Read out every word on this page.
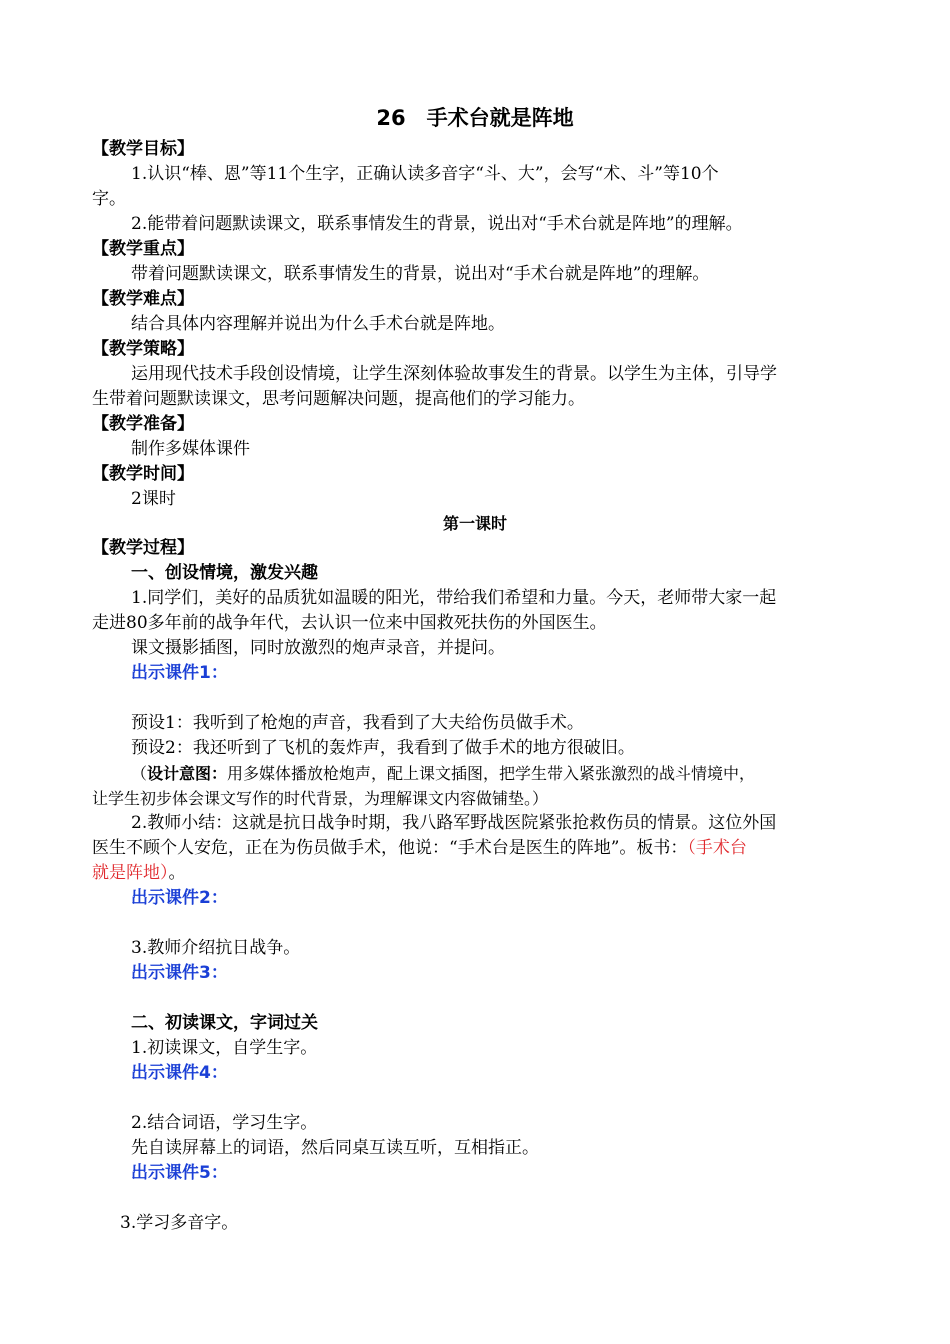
26　手术台就是阵地
【教学目标】
1.认识“棒、恩”等11个生字，正确认读多音字“斗、大”，会写“术、斗”等10个
字。
2.能带着问题默读课文，联系事情发生的背景，说出对“手术台就是阵地”的理解。
【教学重点】
带着问题默读课文，联系事情发生的背景，说出对“手术台就是阵地”的理解。
【教学难点】
结合具体内容理解并说出为什么手术台就是阵地。
【教学策略】
运用现代技术手段创设情境，让学生深刻体验故事发生的背景。以学生为主体，引导学
生带着问题默读课文，思考问题解决问题，提高他们的学习能力。
【教学准备】
制作多媒体课件
【教学时间】
2课时
第一课时
【教学过程】
一、创设情境，激发兴趣
1.同学们，美好的品质犹如温暖的阳光，带给我们希望和力量。今天，老师带大家一起
走进80多年前的战争年代，去认识一位来中国救死扶伤的外国医生。
课文摄影插图，同时放激烈的炮声录音，并提问。
出示课件1：
预设1：我听到了枪炮的声音，我看到了大夫给伤员做手术。
预设2：我还听到了飞机的轰炸声，我看到了做手术的地方很破旧。
（设计意图：用多媒体播放枪炮声，配上课文插图，把学生带入紧张激烈的战斗情境中，
让学生初步体会课文写作的时代背景，为理解课文内容做铺垫。）
2.教师小结：这就是抗日战争时期，我八路军野战医院紧张抢救伤员的情景。这位外国
医生不顾个人安危，正在为伤员做手术，他说：“手术台是医生的阵地”。板书：（手术台
就是阵地）。
出示课件2：
3.教师介绍抗日战争。
出示课件3：
二、初读课文，字词过关
1.初读课文，自学生字。
出示课件4：
2.结合词语，学习生字。
先自读屏幕上的词语，然后同桌互读互听，互相指正。
出示课件5：
3.学习多音字。
